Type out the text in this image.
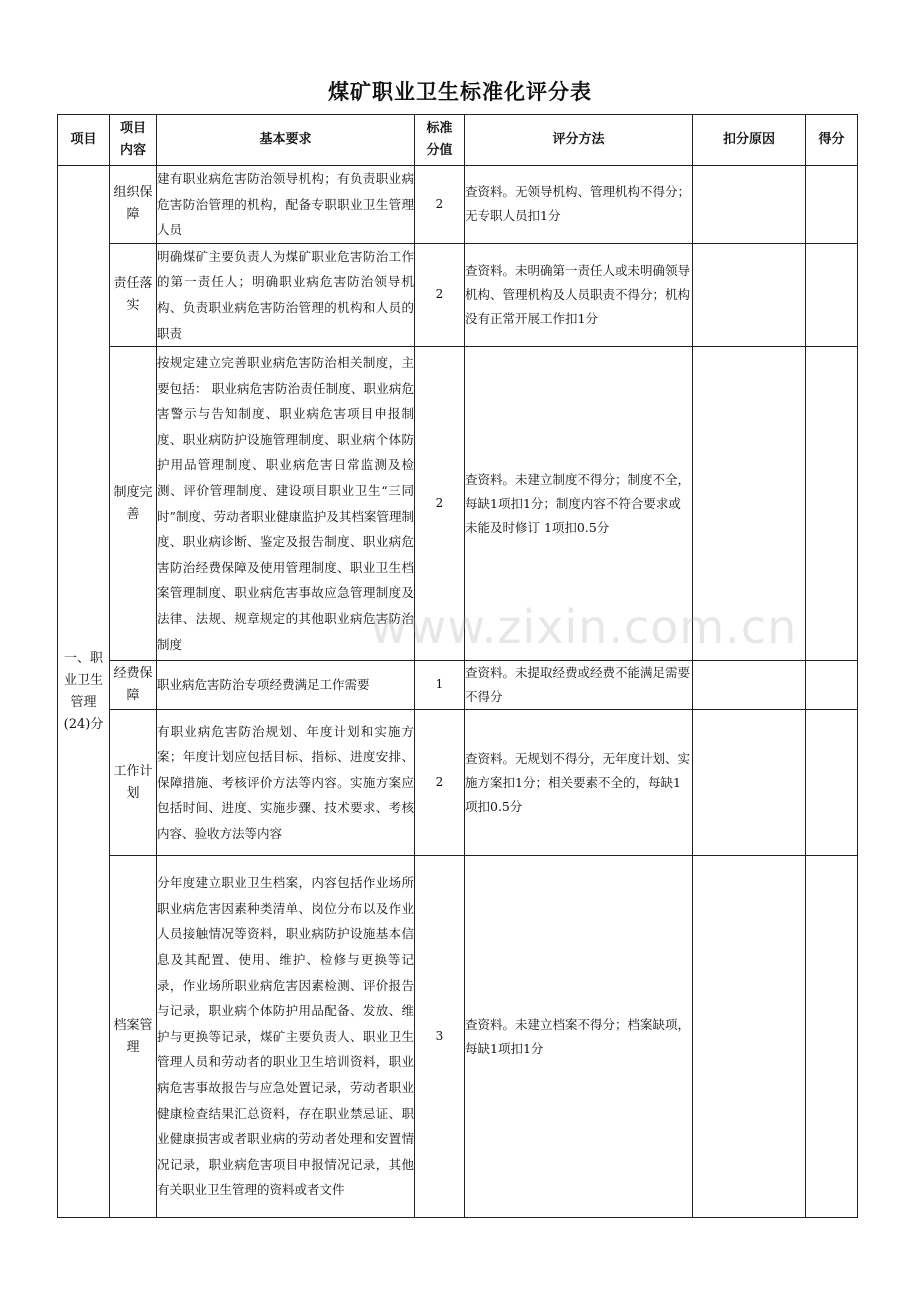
煤矿职业卫生标准化评分表
项目	项目内容	基本要求	标准分值	评分方法	扣分原因	得分
一、职业卫生管理(24)分	组织保障	建有职业病危害防治领导机构；有负责职业病危害防治管理的机构，配备专职职业卫生管理人员	2	查资料。无领导机构、管理机构不得分；无专职人员扣1分		
	责任落实	明确煤矿主要负责人为煤矿职业危害防治工作的第一责任人；明确职业病危害防治领导机构、负责职业病危害防治管理的机构和人员的职责	2	查资料。未明确第一责任人或未明确领导机构、管理机构及人员职责不得分；机构没有正常开展工作扣1分		
	制度完善	按规定建立完善职业病危害防治相关制度，主要包括： 职业病危害防治责任制度、职业病危害警示与告知制度、职业病危害项目申报制度、职业病防护设施管理制度、职业病个体防护用品管理制度、职业病危害日常监测及检测、评价管理制度、建设项目职业卫生“三同时”制度、劳动者职业健康监护及其档案管理制度、职业病诊断、鉴定及报告制度、职业病危害防治经费保障及使用管理制度、职业卫生档案管理制度、职业病危害事故应急管理制度及法律、法规、规章规定的其他职业病危害防治制度	2	查资料。未建立制度不得分；制度不全，每缺1项扣1分；制度内容不符合要求或未能及时修订 1项扣0.5分		
	经费保障	职业病危害防治专项经费满足工作需要	1	查资料。未提取经费或经费不能满足需要不得分		
	工作计划	有职业病危害防治规划、年度计划和实施方案；年度计划应包括目标、指标、进度安排、保障措施、考核评价方法等内容。实施方案应包括时间、进度、实施步骤、技术要求、考核内容、验收方法等内容	2	查资料。无规划不得分，无年度计划、实施方案扣1分；相关要素不全的，每缺1项扣0.5分		
	档案管理	分年度建立职业卫生档案，内容包括作业场所职业病危害因素种类清单、岗位分布以及作业人员接触情况等资料，职业病防护设施基本信息及其配置、使用、维护、检修与更换等记录，作业场所职业病危害因素检测、评价报告与记录，职业病个体防护用品配备、发放、维护与更换等记录，煤矿主要负责人、职业卫生管理人员和劳动者的职业卫生培训资料，职业病危害事故报告与应急处置记录，劳动者职业健康检查结果汇总资料，存在职业禁忌证、职业健康损害或者职业病的劳动者处理和安置情况记录，职业病危害项目申报情况记录，其他有关职业卫生管理的资料或者文件	3	查资料。未建立档案不得分；档案缺项，每缺1项扣1分		
www.zixin.com.cn
